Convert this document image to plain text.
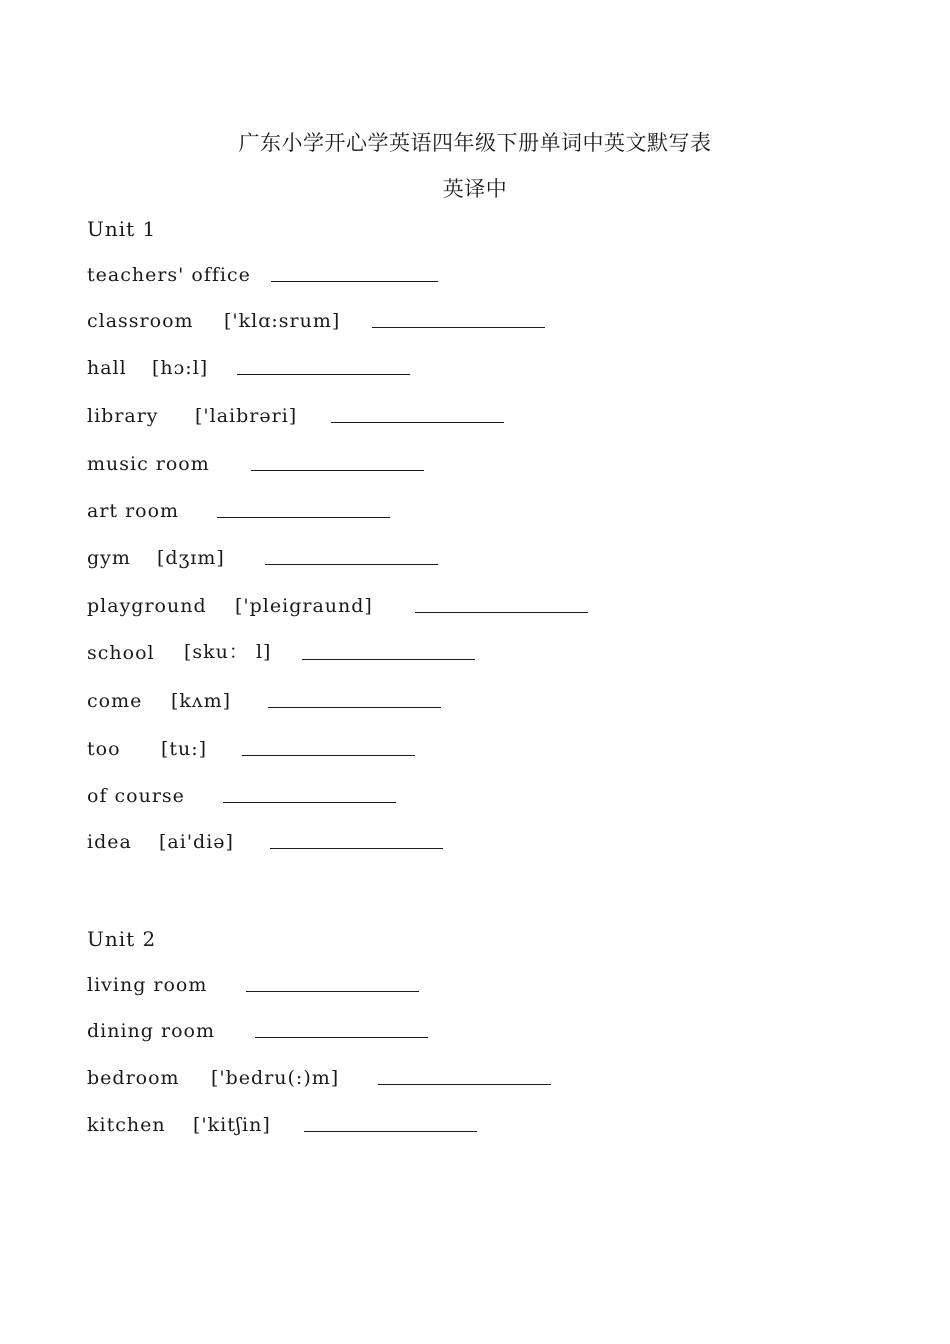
广东小学开心学英语四年级下册单词中英文默写表
英译中
Unit 1
teachers' office
classroom	['klɑ:srum]
hall	[hɔ:l]
library	['laibrəri]
music room
art room
gym	[dʒɪm]
playground	['pleigraund]
school	[sku： l]
come	[kʌm]
too	[tu:]
of course
idea	[ai'diə]
Unit 2
living room
dining room
bedroom	['bedru(:)m]
kitchen	['kitʃin]
